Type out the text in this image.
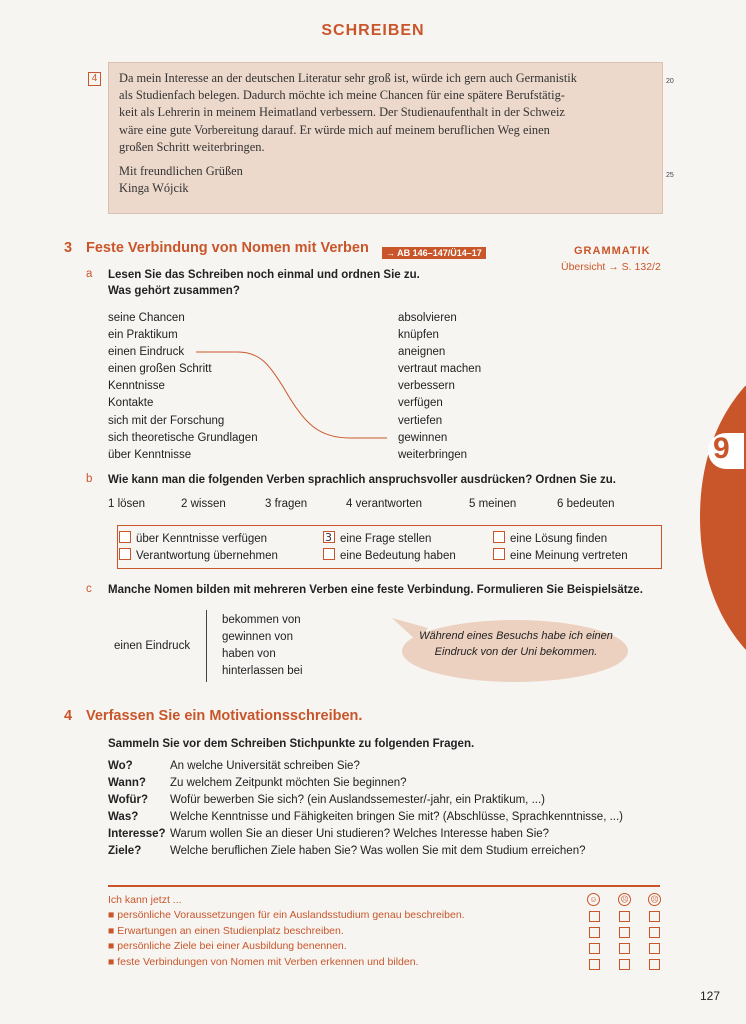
SCHREIBEN
4 Da mein Interesse an der deutschen Literatur sehr groß ist, würde ich gern auch Germanistik
als Studienfach belegen. Dadurch möchte ich meine Chancen für eine spätere Berufstätig-
keit als Lehrerin in meinem Heimatland verbessern. Der Studienaufenthalt in der Schweiz
wäre eine gute Vorbereitung darauf. Er würde mich auf meinem beruflichen Weg einen
großen Schritt weiterbringen.
Mit freundlichen Grüßen
Kinga Wójcik
20
25
3 Feste Verbindung von Nomen mit Verben	→ AB 146–147/Ü14–17	GRAMMATIK
Übersicht → S. 132/2
a Lesen Sie das Schreiben noch einmal und ordnen Sie zu.
Was gehört zusammen?
seine Chancen
ein Praktikum
einen Eindruck
einen großen Schritt
Kenntnisse
Kontakte
sich mit der Forschung
sich theoretische Grundlagen
über Kenntnisse
absolvieren
knüpfen
aneignen
vertraut machen
verbessern
verfügen
vertiefen
gewinnen
weiterbringen
b Wie kann man die folgenden Verben sprachlich anspruchsvoller ausdrücken? Ordnen Sie zu.
1 lösen	2 wissen	3 fragen	4 verantworten	5 meinen	6 bedeuten
über Kenntnisse verfügen	3 eine Frage stellen	eine Lösung finden
Verantwortung übernehmen	eine Bedeutung haben	eine Meinung vertreten
c Manche Nomen bilden mit mehreren Verben eine feste Verbindung. Formulieren Sie Beispielsätze.
einen Eindruck
bekommen von
gewinnen von
haben von
hinterlassen bei
Während eines Besuchs habe ich einen Eindruck von der Uni bekommen.
4 Verfassen Sie ein Motivationsschreiben.
Sammeln Sie vor dem Schreiben Stichpunkte zu folgenden Fragen.
Wo?	An welche Universität schreiben Sie?
Wann? Zu welchem Zeitpunkt möchten Sie beginnen?
Wofür? Wofür bewerben Sie sich? (ein Auslandssemester/-jahr, ein Praktikum, ...)
Was?	Welche Kenntnisse und Fähigkeiten bringen Sie mit? (Abschlüsse, Sprachkenntnisse, ...)
Interesse? Warum wollen Sie an dieser Uni studieren? Welches Interesse haben Sie?
Ziele?	Welche beruflichen Ziele haben Sie? Was wollen Sie mit dem Studium erreichen?
Ich kann jetzt ...
■ persönliche Voraussetzungen für ein Auslandsstudium genau beschreiben.
■ Erwartungen an einen Studienplatz beschreiben.
■ persönliche Ziele bei einer Ausbildung benennen.
■ feste Verbindungen von Nomen mit Verben erkennen und bilden.
☺	☹	☹
9
127
